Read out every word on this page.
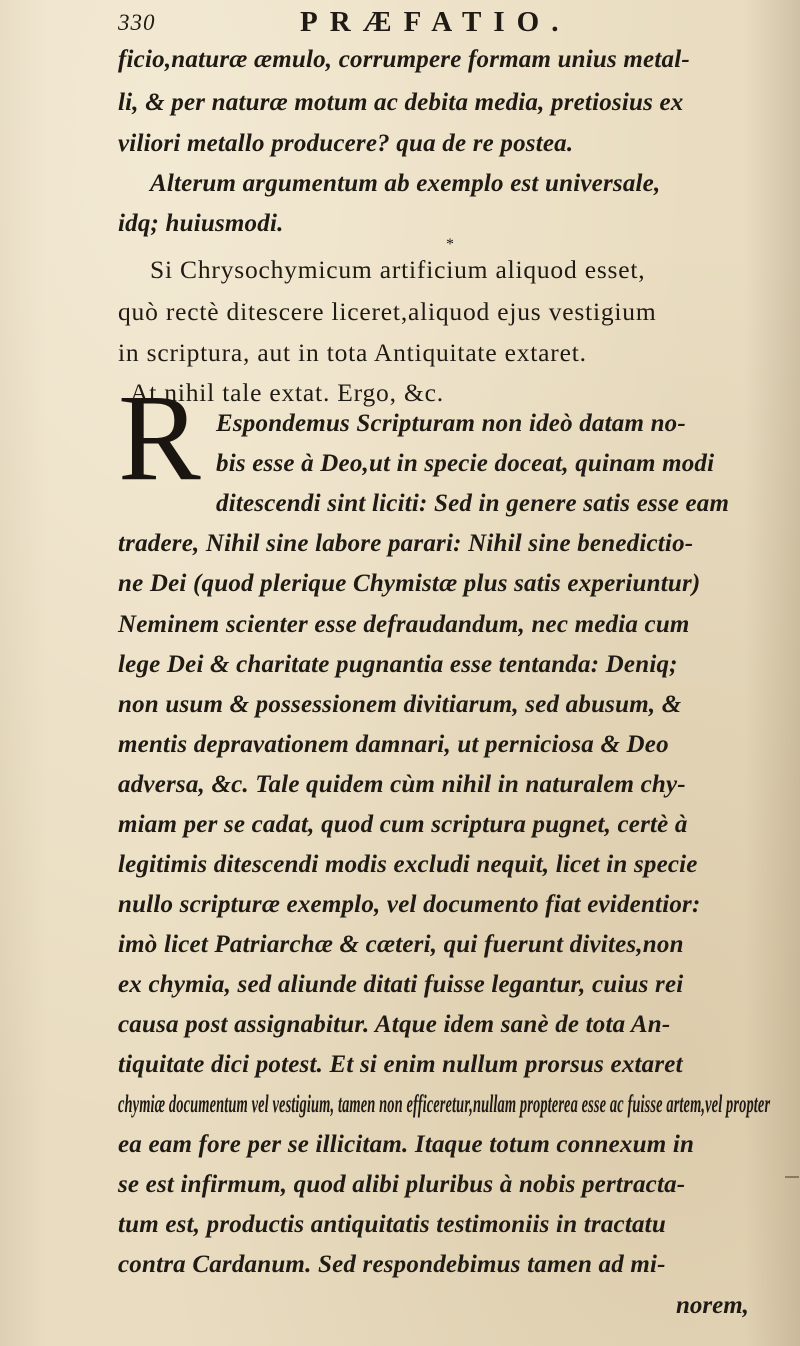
330	PRÆFATIO.
ficio,naturæ æmulo, corrumpere formam unius metal-
li, & per naturæ motum ac debita media, pretiosius ex
viliori metallo producere? qua de re postea.
Alterum argumentum ab exemplo est universale,
idq; huiusmodi.
*
Si Chrysochymicum artificium aliquod esset,
quò rectè ditescere liceret,aliquod ejus vestigium
in scriptura, aut in tota Antiquitate extaret.
At nihil tale extat. Ergo, &c.
R Espondemus Scripturam non ideò datam no-
bis esse à Deo,ut in specie doceat, quinam modi
ditescendi sint liciti: Sed in genere satis esse eam
tradere, Nihil sine labore parari: Nihil sine benedictio-
ne Dei (quod plerique Chymistæ plus satis experiuntur)
Neminem scienter esse defraudandum, nec media cum
lege Dei & charitate pugnantia esse tentanda: Deniq;
non usum & possessionem divitiarum, sed abusum, &
mentis depravationem damnari, ut perniciosa & Deo
adversa, &c. Tale quidem cùm nihil in naturalem chy-
miam per se cadat, quod cum scriptura pugnet, certè à
legitimis ditescendi modis excludi nequit, licet in specie
nullo scripturæ exemplo, vel documento fiat evidentior:
imò licet Patriarchæ & cæteri, qui fuerunt divites,non
ex chymia, sed aliunde ditati fuisse legantur, cuius rei
causa post assignabitur. Atque idem sanè de tota An-
tiquitate dici potest. Et si enim nullum prorsus extaret
chymiæ documentum vel vestigium, tamen non efficeretur,nullam propterea esse ac fuisse artem,vel propter
ea eam fore per se illicitam. Itaque totum connexum in
se est infirmum, quod alibi pluribus à nobis pertracta-
tum est, productis antiquitatis testimoniis in tractatu
contra Cardanum. Sed respondebimus tamen ad mi-
norem,
